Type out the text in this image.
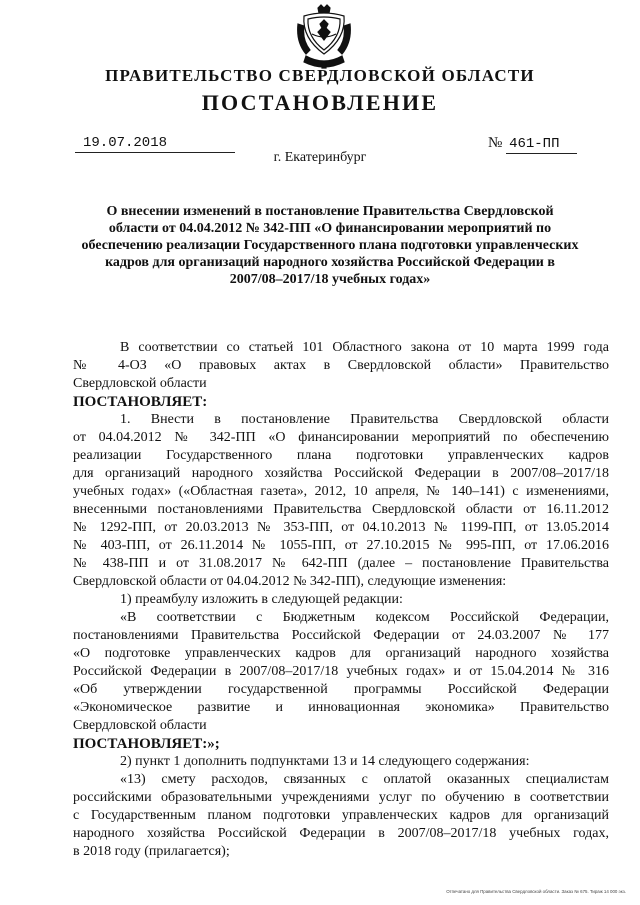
ПРАВИТЕЛЬСТВО СВЕРДЛОВСКОЙ ОБЛАСТИ
ПОСТАНОВЛЕНИЕ
19.07.2018	№ 461-ПП
г. Екатеринбург
О внесении изменений в постановление Правительства Свердловской области от 04.04.2012 № 342-ПП «О финансировании мероприятий по обеспечению реализации Государственного плана подготовки управленческих кадров для организаций народного хозяйства Российской Федерации в 2007/08–2017/18 учебных годах»

В соответствии со статьей 101 Областного закона от 10 марта 1999 года

№ 4-ОЗ «О правовых актах в Свердловской области» Правительство

Свердловской области

ПОСТАНОВЛЯЕТ:

1. Внести в постановление Правительства Свердловской области

от 04.04.2012 № 342-ПП «О финансировании мероприятий по обеспечению

реализации Государственного плана подготовки управленческих кадров

для организаций народного хозяйства Российской Федерации в 2007/08–2017/18

учебных годах» («Областная газета», 2012, 10 апреля, № 140–141) с изменениями,

внесенными постановлениями Правительства Свердловской области от 16.11.2012

№ 1292-ПП, от 20.03.2013 № 353-ПП, от 04.10.2013 № 1199-ПП, от 13.05.2014

№ 403-ПП, от 26.11.2014 № 1055-ПП, от 27.10.2015 № 995-ПП, от 17.06.2016

№ 438-ПП и от 31.08.2017 № 642-ПП (далее – постановление Правительства

Свердловской области от 04.04.2012 № 342-ПП), следующие изменения:

1) преамбулу изложить в следующей редакции:

«В соответствии с Бюджетным кодексом Российской Федерации,

постановлениями Правительства Российской Федерации от 24.03.2007 № 177

«О подготовке управленческих кадров для организаций народного хозяйства

Российской Федерации в 2007/08–2017/18 учебных годах» и от 15.04.2014 № 316

«Об утверждении государственной программы Российской Федерации

«Экономическое развитие и инновационная экономика» Правительство

Свердловской области

ПОСТАНОВЛЯЕТ:»;

2) пункт 1 дополнить подпунктами 13 и 14 следующего содержания:

«13) смету расходов, связанных с оплатой оказанных специалистам

российскими образовательными учреждениями услуг по обучению в соответствии

с Государственным планом подготовки управленческих кадров для организаций

народного хозяйства Российской Федерации в 2007/08–2017/18 учебных годах,

в 2018 году (прилагается);

Отпечатано для Правительства Свердловской области. Заказ № 675. Тираж 14 000 экз.
